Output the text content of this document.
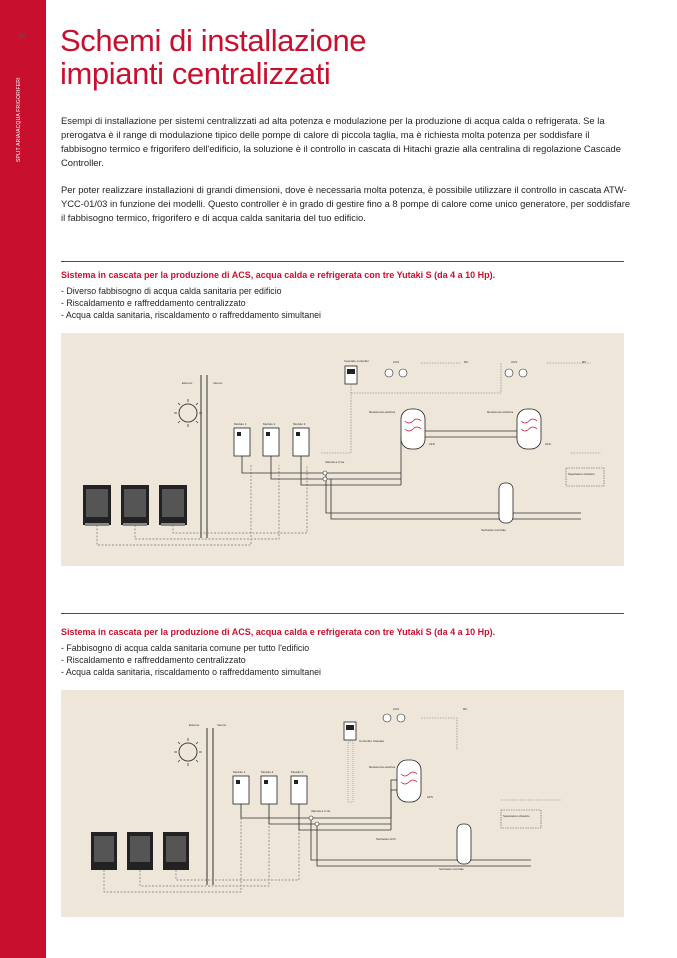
SPLIT ARIA/ACQUA FRIGORIFERI
36 Schemi di installazione
impianti centralizzati

Esempi di installazione per sistemi centralizzati ad alta potenza e modulazione per la produzione di acqua calda o refrigerata. Se la prerogatva è il range di modulazione tipico delle pompe di calore di piccola taglia, ma è richiesta molta potenza per soddisfare il fabbisogno termico e frigorifero dell'edificio, la soluzione è il controllo in cascata di Hitachi grazie alla centralina di regolazione Cascade Controller.

Per poter realizzare installazioni di grandi dimensioni, dove è necessaria molta potenza, è possibile utilizzare il controllo in cascata ATW-YCC-01/03 in funzione dei modelli. Questo controller è in grado di gestire fino a 8 pompe di calore come unico generatore, per soddisfare il fabbisogno termico, frigorifero e di acqua calda sanitaria del tuo edificio.

Sistema in cascata per la produzione di ACS, acqua calda e refrigerata con tre Yutaki S (da 4 a 10 Hp).
- Diverso fabbisogno di acqua calda sanitaria per edificio
- Riscaldamento e raffreddamento centralizzato
- Acqua calda sanitaria, riscaldamento o raffreddamento simultanei
Esterno	Interno
Modulo 1	Modulo 2	Modulo 3
Cascade controller
Resistenza elettrica	Resistenza elettrica
AFS	AFS
ACS	ACS
RC	RC
Serbatoio inerziale
Separatore idraulico
Valvola a 3 vie
Sistema in cascata per la produzione di ACS, acqua calda e refrigerata con tre Yutaki S (da 4 a 10 Hp).
- Fabbisogno di acqua calda sanitaria comune per tutto l'edificio
- Riscaldamento e raffreddamento centralizzato
- Acqua calda sanitaria, riscaldamento o raffreddamento simultanei
Esterno	Interno
Modulo 1	Modulo 2	Modulo 3
Controller Cascata
Resistenza elettrica
ACS	RC
AFS
Serbatoio inerziale
Separatore idraulico
Valvola a 3 vie
Serbatoio ACS
